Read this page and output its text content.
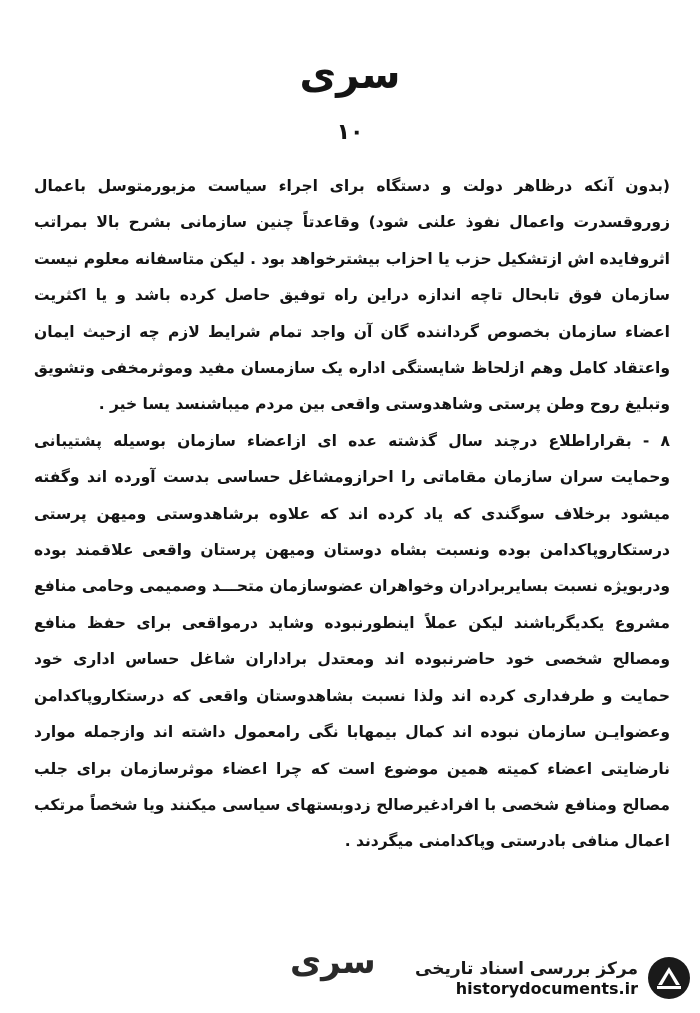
سری
۱۰

(بدون آنکه درظاهر دولت و دستگاه برای اجراء سیاست مزبورمتوسل باعمال زوروقسدرت واعمال نفوذ علنی شود) وقاعدتاً چنین سازمانی بشرح بالا بمراتب اثروفایده اش ازتشکیل حزب یا احزاب بیشترخواهد بود . لیکن متاسفانه معلوم نیست سازمان فوق تابحال تاچه اندازه دراین راه توفیق حاصل کرده باشد و یا اکثریت اعضاء سازمان بخصوص گرداننده گان آن واجد تمام شرایط لازم چه ازحیث ایمان واعتقاد کامل وهم ازلحاظ شایستگی اداره یک سازمسان مفید وموثرمخفی وتشویق وتبلیغ روح وطن پرستی وشاهدوستی واقعی بین مردم میباشنسد یسا خیر .

۸ - بقراراطلاع درچند سال گذشته عده ای ازاعضاء سازمان بوسیله پشتیبانی وحمایت سران سازمان مقاماتی را احرازومشاغل حساسی بدست آورده اند وگفته میشود برخلاف سوگندی که یاد کرده اند که علاوه برشاهدوستی ومیهن پرستی درستکاروپاکدامن بوده ونسبت بشاه دوستان ومیهن پرستان واقعی علاقمند بوده ودربویژه نسبت بسایربرادران وخواهران عضوسازمان متحـــد وصمیمی وحامی منافع مشروع یکدیگرباشند لیکن عملاً اینطورنبوده وشاید درمواقعی برای حفظ منافع ومصالح شخصی خود حاضرنبوده اند ومعتدل براداران شاغل حساس اداری خود حمایت و طرفداری کرده اند ولذا نسبت بشاهدوستان واقعی که درستکاروپاکدامن وعضوایـن سازمان نبوده اند کمال بیمهابا نگی رامعمول داشته اند وازجمله موارد نارضایتی اعضاء کمیته همین موضوع است که چرا اعضاء موثرسازمان برای جلب مصالح ومنافع شخصی با افرادغیرصالح زدوبستهای سیاسی میکنند ویا شخصاً مرتکب اعمال منافی بادرستی وپاکدامنی میگردند .

سری مرکز بررسی اسناد تاریخی
historydocuments.ir
